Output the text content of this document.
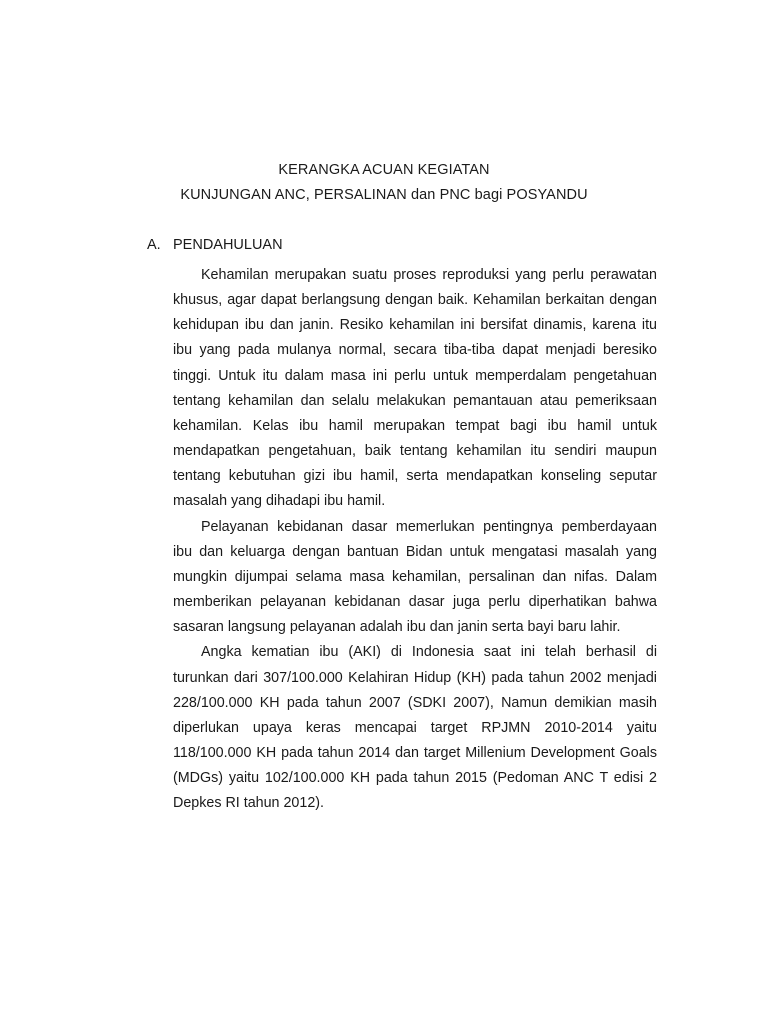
KERANGKA ACUAN KEGIATAN
KUNJUNGAN ANC, PERSALINAN dan PNC bagi POSYANDU
A. PENDAHULUAN

Kehamilan merupakan suatu proses reproduksi yang perlu perawatan khusus, agar dapat berlangsung dengan baik. Kehamilan berkaitan dengan kehidupan ibu dan janin. Resiko kehamilan ini bersifat dinamis, karena itu ibu yang pada mulanya normal, secara tiba-tiba dapat menjadi beresiko tinggi. Untuk itu dalam masa ini perlu untuk memperdalam pengetahuan tentang kehamilan dan selalu melakukan pemantauan atau pemeriksaan kehamilan. Kelas ibu hamil merupakan tempat bagi ibu hamil untuk mendapatkan pengetahuan, baik tentang kehamilan itu sendiri maupun tentang kebutuhan gizi ibu hamil, serta mendapatkan konseling seputar masalah yang dihadapi ibu hamil.

Pelayanan kebidanan dasar memerlukan pentingnya pemberdayaan ibu dan keluarga dengan bantuan Bidan untuk mengatasi masalah yang mungkin dijumpai selama masa kehamilan, persalinan dan nifas. Dalam memberikan pelayanan kebidanan dasar juga perlu diperhatikan bahwa sasaran langsung pelayanan adalah ibu dan janin serta bayi baru lahir.

Angka kematian ibu (AKI) di Indonesia saat ini telah berhasil di turunkan dari 307/100.000 Kelahiran Hidup (KH) pada tahun 2002 menjadi 228/100.000 KH pada tahun 2007 (SDKI 2007), Namun demikian masih diperlukan upaya keras mencapai target RPJMN 2010-2014 yaitu 118/100.000 KH pada tahun 2014 dan target Millenium Development Goals (MDGs) yaitu 102/100.000 KH pada tahun 2015 (Pedoman ANC T edisi 2 Depkes RI tahun 2012).
